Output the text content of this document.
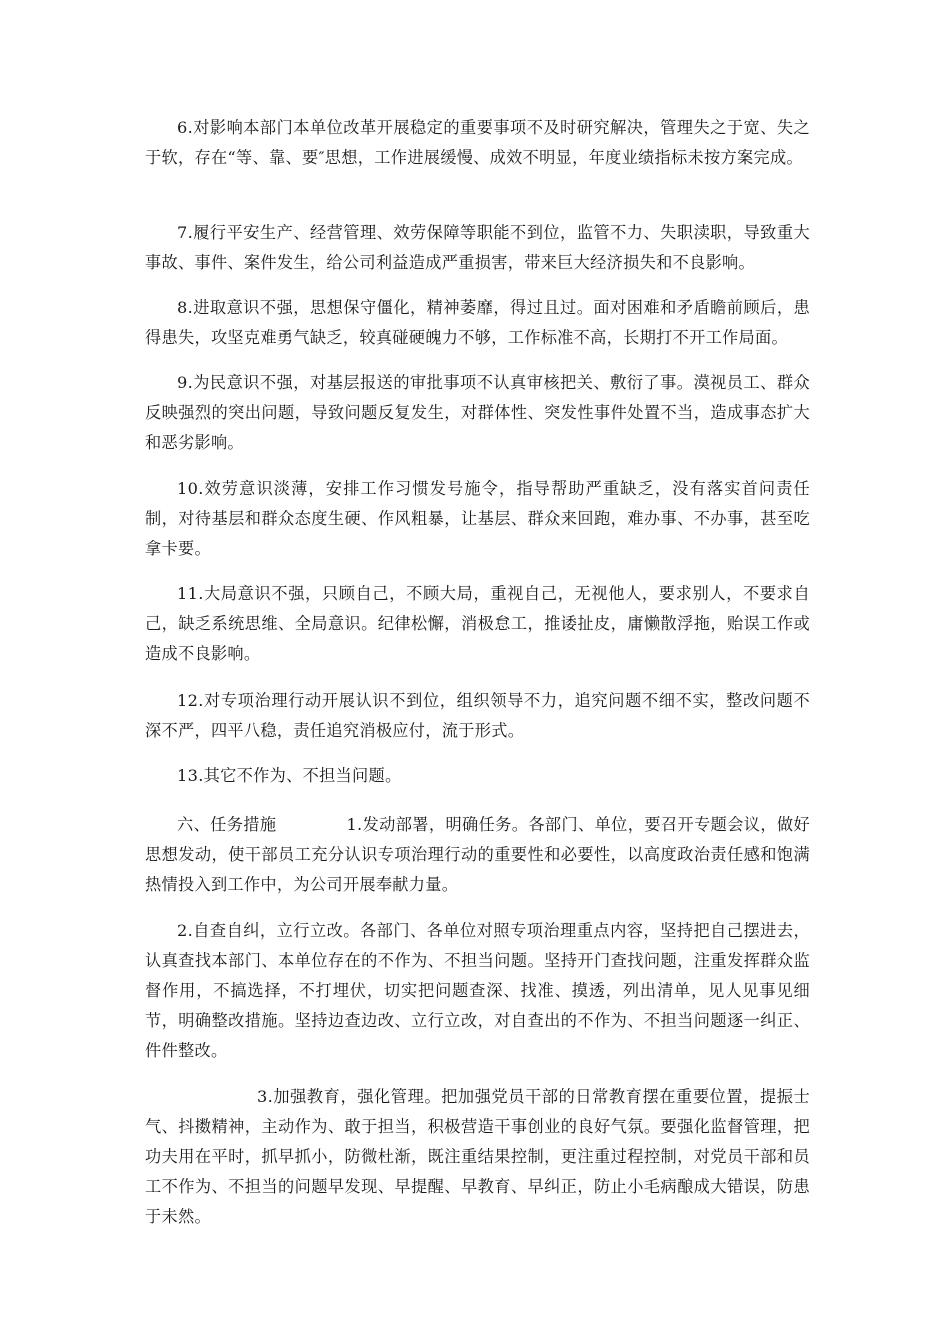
6.对影响本部门本单位改革开展稳定的重要事项不及时研究解决，管理失之于宽、失之于软，存在“等、靠、要″思想，工作进展缓慢、成效不明显，年度业绩指标未按方案完成。

7.履行平安生产、经营管理、效劳保障等职能不到位，监管不力、失职渎职，导致重大事故、事件、案件发生，给公司利益造成严重损害，带来巨大经济损失和不良影响。

8.进取意识不强，思想保守僵化，精神萎靡，得过且过。面对困难和矛盾瞻前顾后，患得患失，攻坚克难勇气缺乏，较真碰硬魄力不够，工作标准不高，长期打不开工作局面。

9.为民意识不强，对基层报送的审批事项不认真审核把关、敷衍了事。漠视员工、群众反映强烈的突出问题，导致问题反复发生，对群体性、突发性事件处置不当，造成事态扩大和恶劣影响。

10.效劳意识淡薄，安排工作习惯发号施令，指导帮助严重缺乏，没有落实首问责任制，对待基层和群众态度生硬、作风粗暴，让基层、群众来回跑，难办事、不办事，甚至吃拿卡要。

11.大局意识不强，只顾自己，不顾大局，重视自己，无视他人，要求别人，不要求自己，缺乏系统思维、全局意识。纪律松懈，消极怠工，推诿扯皮，庸懒散浮拖，贻误工作或造成不良影响。

12.对专项治理行动开展认识不到位，组织领导不力，追究问题不细不实，整改问题不深不严，四平八稳，责任追究消极应付，流于形式。

13.其它不作为、不担当问题。

六、任务措施	1.发动部署，明确任务。各部门、单位，要召开专题会议，做好思想发动，使干部员工充分认识专项治理行动的重要性和必要性，以高度政治责任感和饱满热情投入到工作中，为公司开展奉献力量。

2.自查自纠，立行立改。各部门、各单位对照专项治理重点内容，坚持把自己摆进去，认真查找本部门、本单位存在的不作为、不担当问题。坚持开门查找问题，注重发挥群众监督作用，不搞选择，不打埋伏，切实把问题查深、找准、摸透，列出清单，见人见事见细节，明确整改措施。坚持边查边改、立行立改，对自查出的不作为、不担当问题逐一纠正、件件整改。

3.加强教育，强化管理。把加强党员干部的日常教育摆在重要位置，提振士气、抖擞精神，主动作为、敢于担当，积极营造干事创业的良好气氛。要强化监督管理，把功夫用在平时，抓早抓小，防微杜渐，既注重结果控制，更注重过程控制，对党员干部和员工不作为、不担当的问题早发现、早提醒、早教育、早纠正，防止小毛病酿成大错误，防患于未然。
